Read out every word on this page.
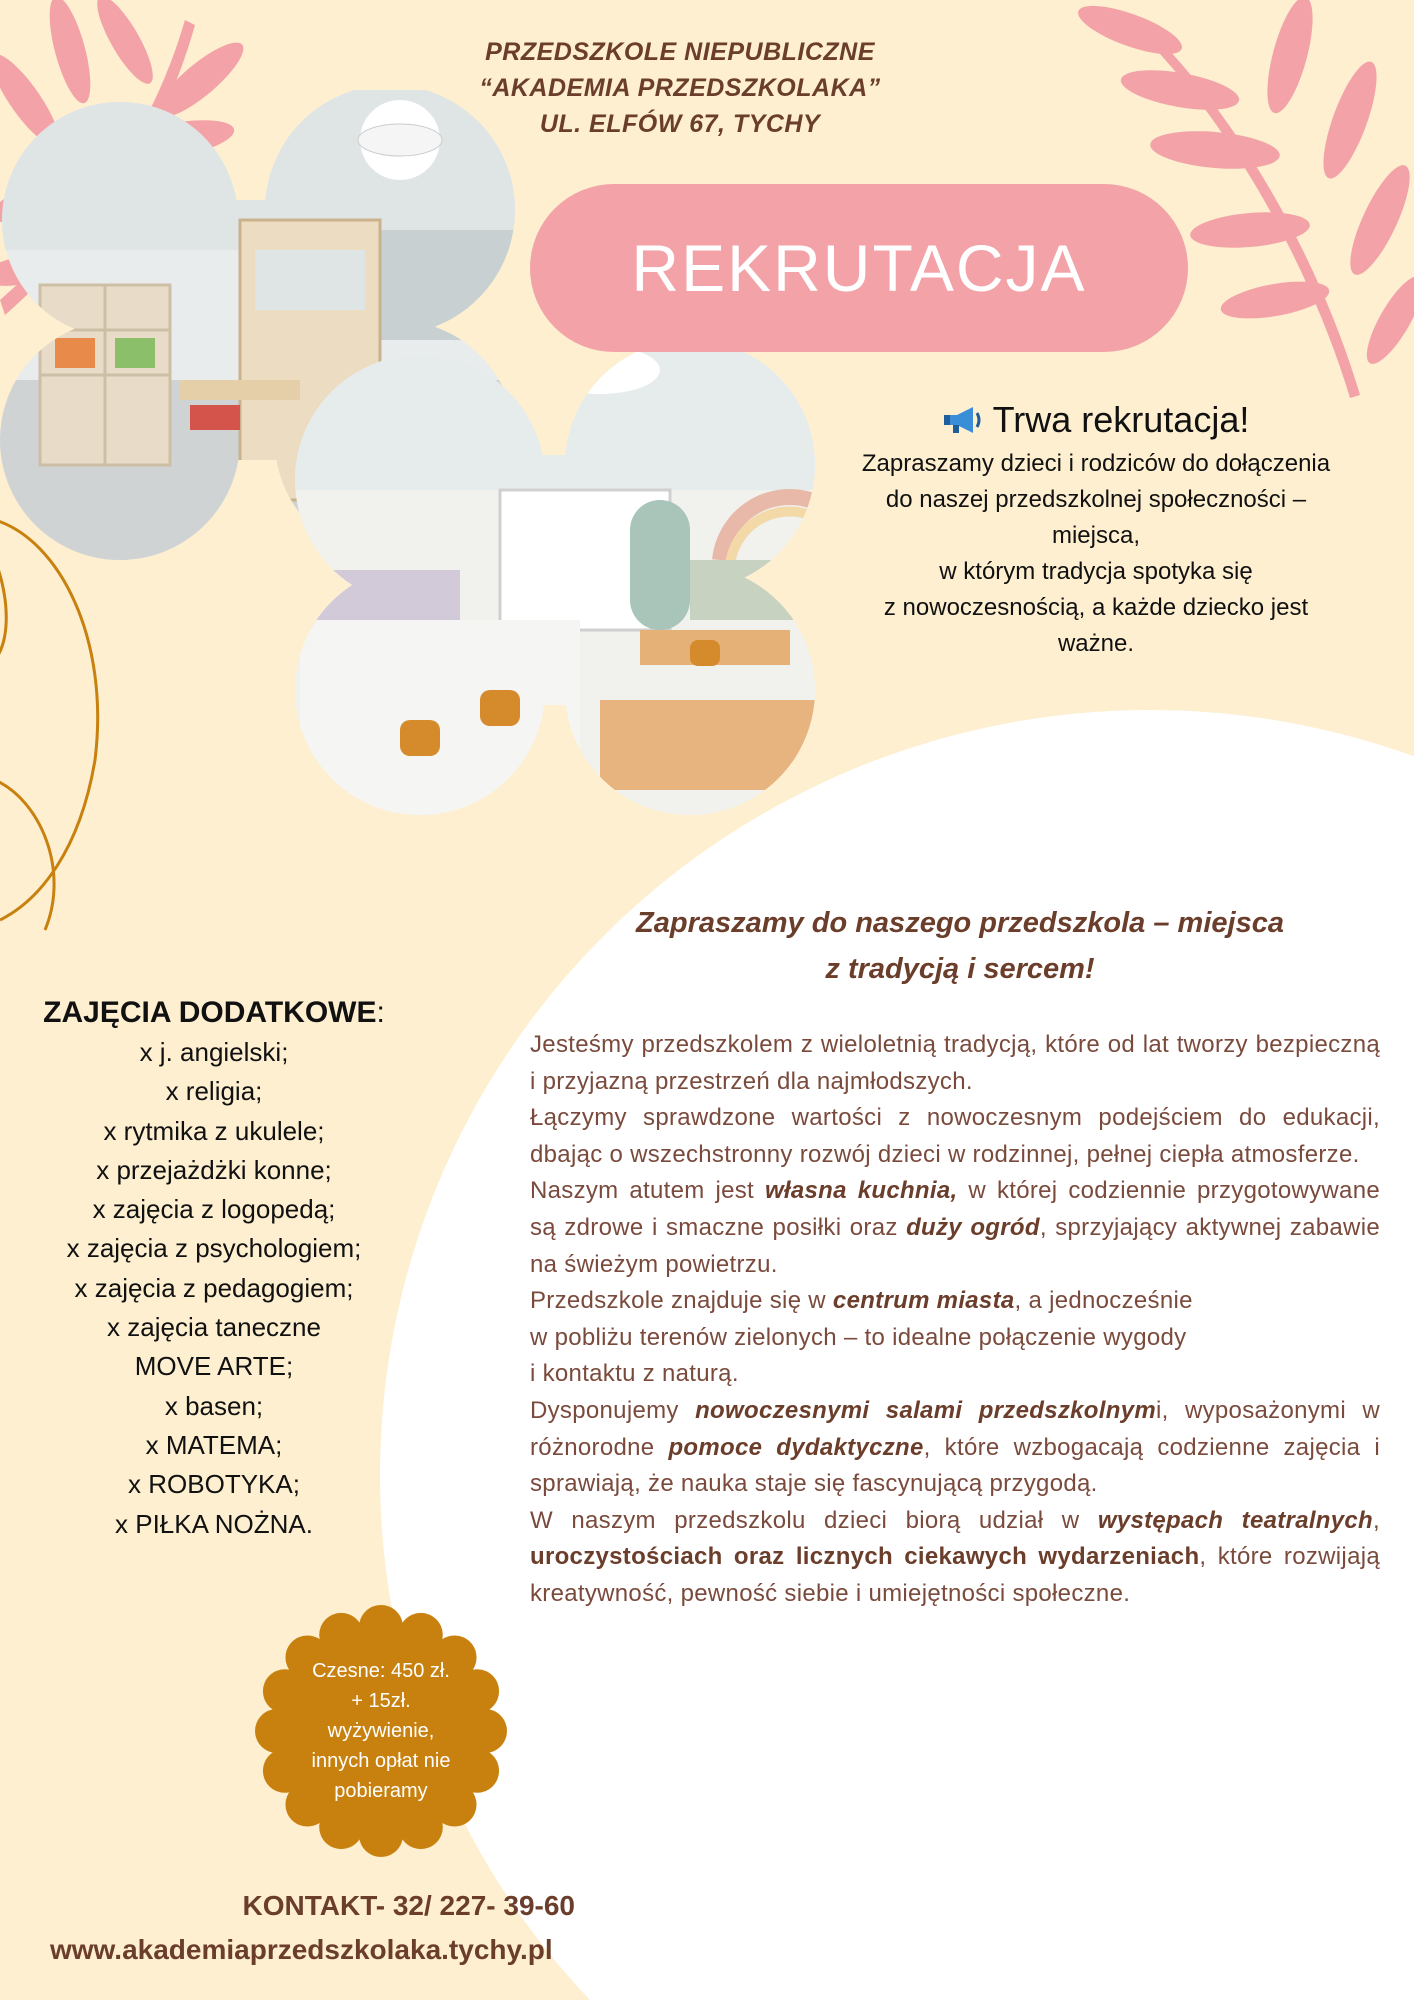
PRZEDSZKOLE NIEPUBLICZNE
“AKADEMIA PRZEDSZKOLAKA”
UL. ELFÓW 67, TYCHY
REKRUTACJA
Trwa rekrutacja!
Zapraszamy dzieci i rodziców do dołączenia
do naszej przedszkolnej społeczności –
miejsca,
w którym tradycja spotyka się
z nowoczesnością, a każde dziecko jest
ważne.
Zapraszamy do naszego przedszkola – miejsca
z tradycją i sercem!
Jesteśmy przedszkolem z wieloletnią tradycją, które od lat tworzy bezpieczną i przyjazną przestrzeń dla najmłodszych.
Łączymy sprawdzone wartości z nowoczesnym podejściem do edukacji, dbając o wszechstronny rozwój dzieci w rodzinnej, pełnej ciepła atmosferze.
Naszym atutem jest własna kuchnia, w której codziennie przygotowywane są zdrowe i smaczne posiłki oraz duży ogród, sprzyjający aktywnej zabawie na świeżym powietrzu.
Przedszkole znajduje się w centrum miasta, a jednocześnie
w pobliżu terenów zielonych – to idealne połączenie wygody
i kontaktu z naturą.
Dysponujemy nowoczesnymi salami przedszkolnymi, wyposażonymi w różnorodne pomoce dydaktyczne, które wzbogacają codzienne zajęcia i sprawiają, że nauka staje się fascynującą przygodą.
W naszym przedszkolu dzieci biorą udział w występach teatralnych, uroczystościach oraz licznych ciekawych wydarzeniach, które rozwijają kreatywność, pewność siebie i umiejętności społeczne.
ZAJĘCIA DODATKOWE:
x j. angielski;
x religia;
x rytmika z ukulele;
x przejażdżki konne;
x zajęcia z logopedą;
x zajęcia z psychologiem;
x zajęcia z pedagogiem;
x zajęcia taneczne
MOVE ARTE;
x basen;
x MATEMA;
x ROBOTYKA;
x PIŁKA NOŻNA.
Czesne: 450 zł.
+ 15zł.
wyżywienie,
innych opłat nie
pobieramy
KONTAKT- 32/ 227- 39-60
www.akademiaprzedszkolaka.tychy.pl
